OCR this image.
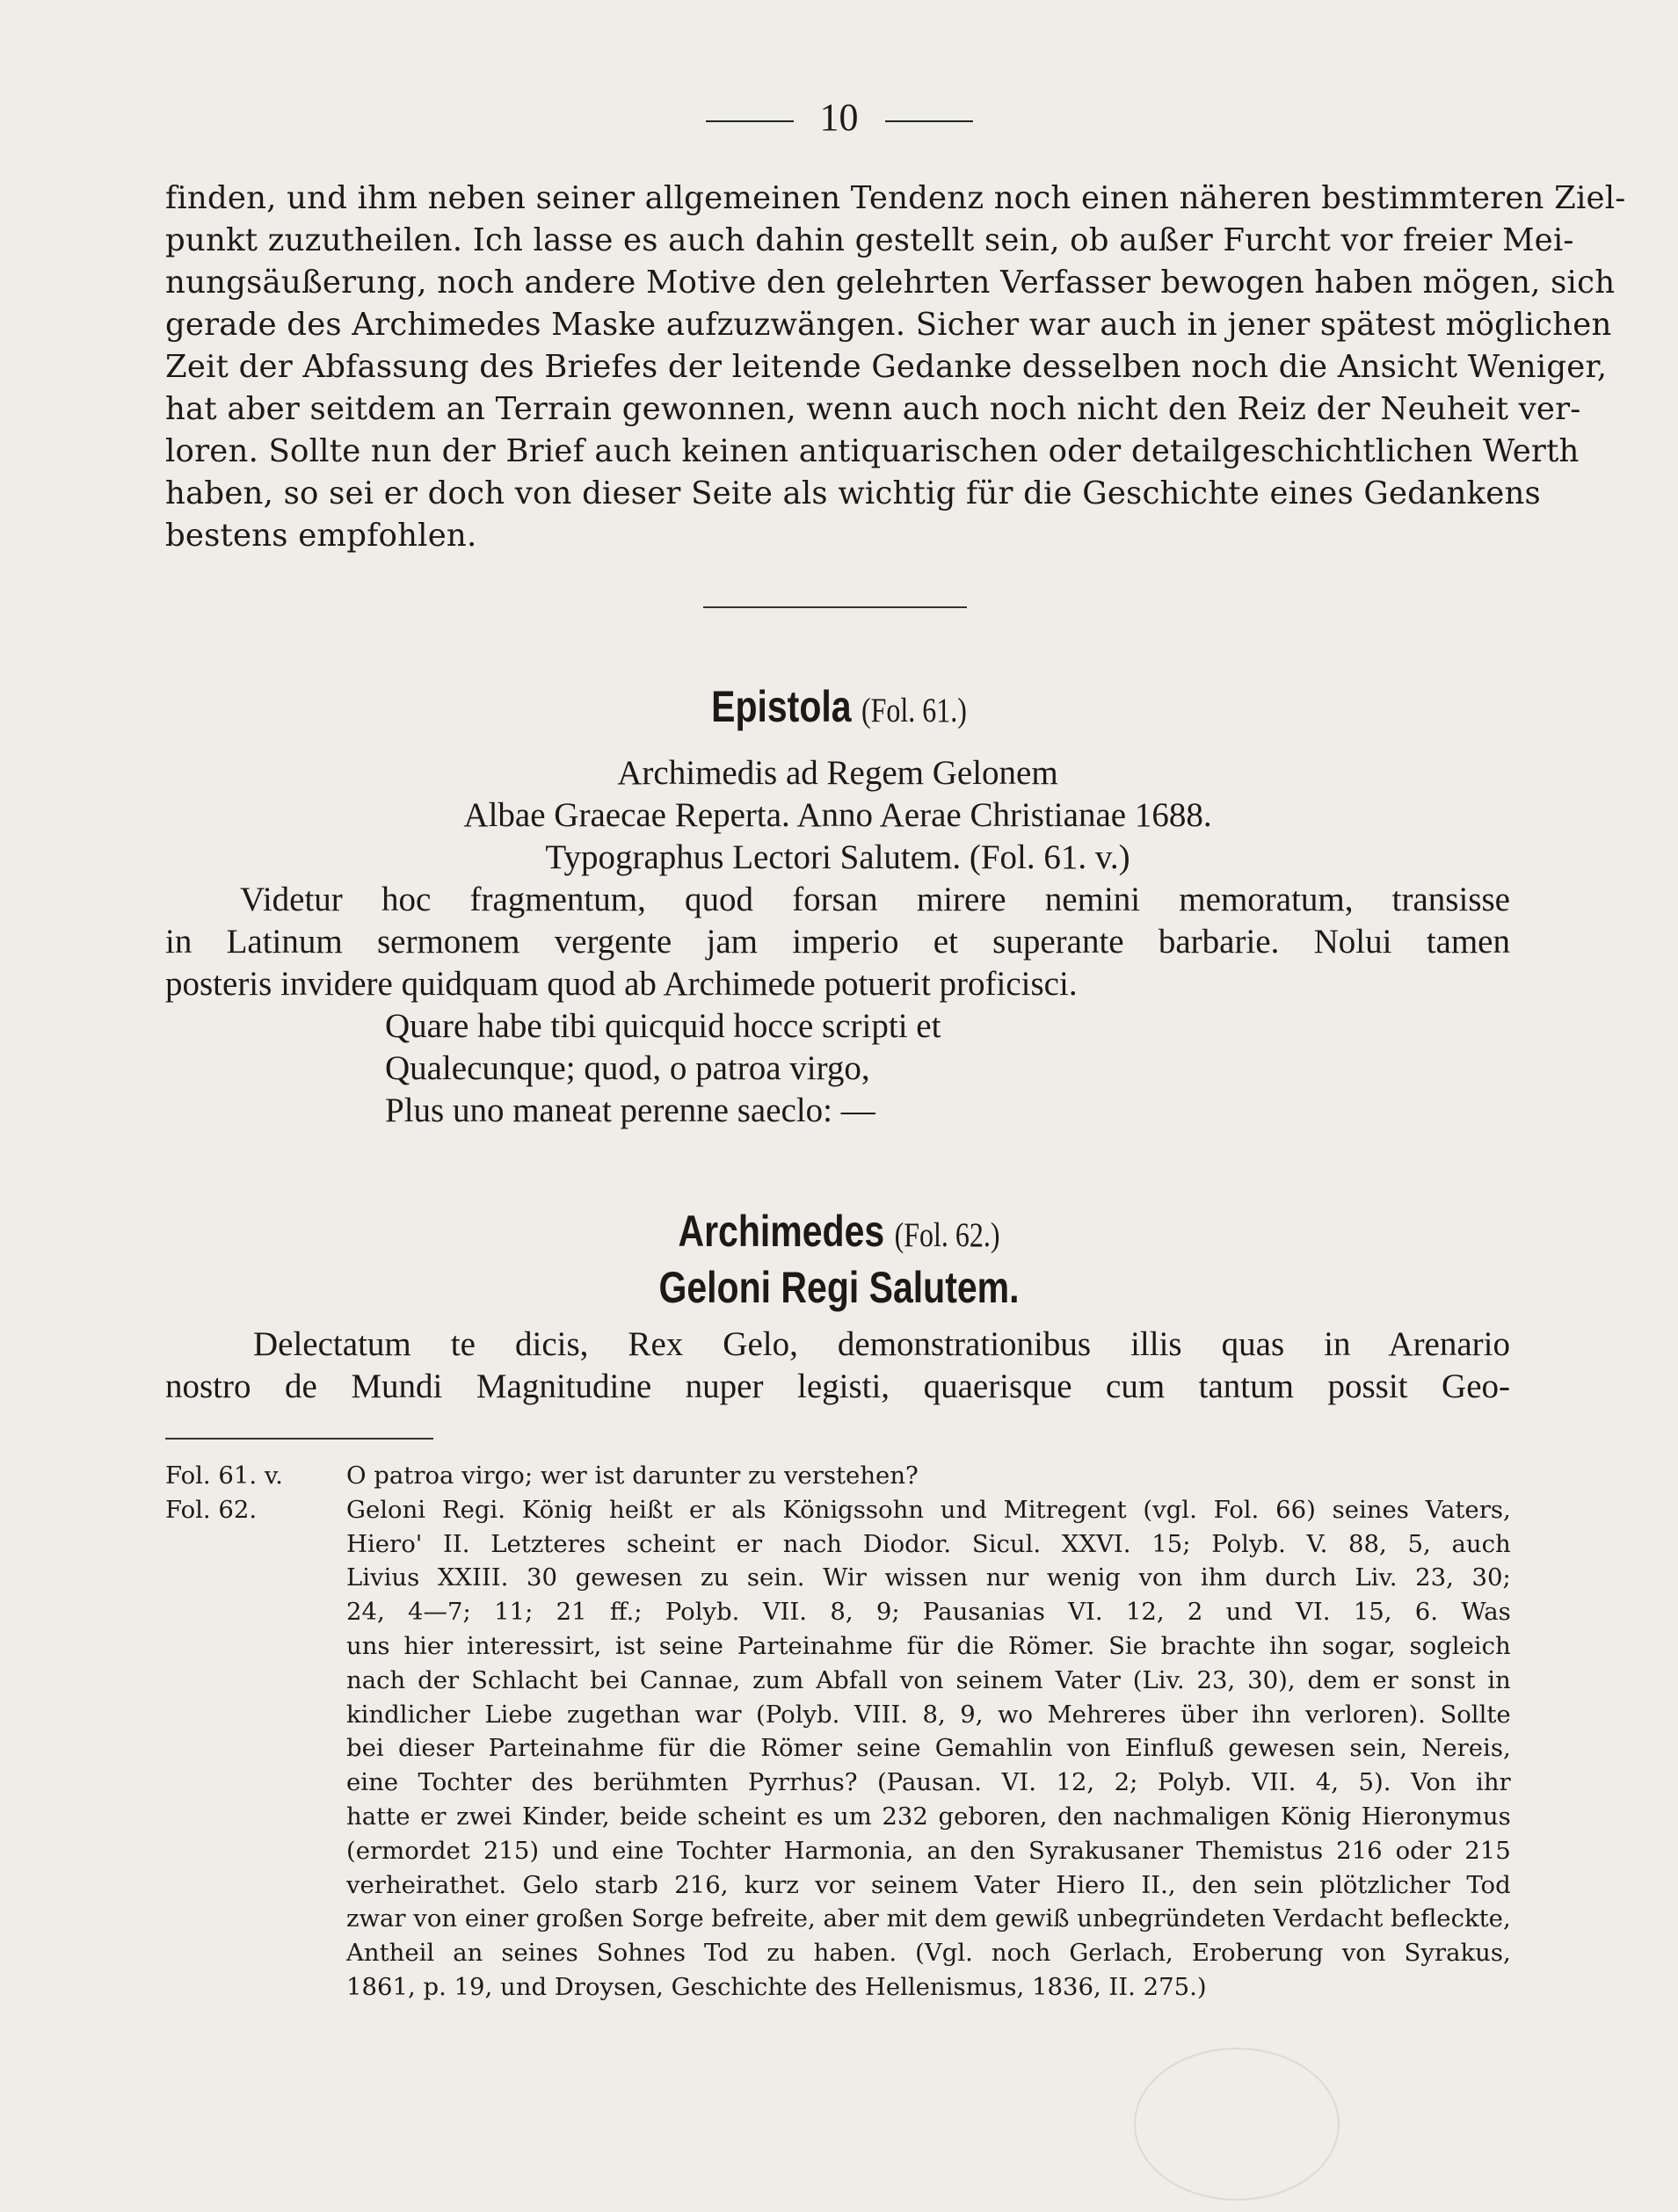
10
finden, und ihm neben seiner allgemeinen Tendenz noch einen näheren bestimmteren Ziel-
punkt zuzutheilen. Ich lasse es auch dahin gestellt sein, ob außer Furcht vor freier Mei-
nungsäußerung, noch andere Motive den gelehrten Verfasser bewogen haben mögen, sich
gerade des Archimedes Maske aufzuzwängen. Sicher war auch in jener spätest möglichen
Zeit der Abfassung des Briefes der leitende Gedanke desselben noch die Ansicht Weniger,
hat aber seitdem an Terrain gewonnen, wenn auch noch nicht den Reiz der Neuheit ver-
loren. Sollte nun der Brief auch keinen antiquarischen oder detailgeschichtlichen Werth
haben, so sei er doch von dieser Seite als wichtig für die Geschichte eines Gedankens
bestens empfohlen.
Epistola (Fol. 61.)
Archimedis ad Regem Gelonem
Albae Graecae Reperta. Anno Aerae Christianae 1688.
Typographus Lectori Salutem. (Fol. 61. v.)
Videtur hoc fragmentum, quod forsan mirere nemini memoratum, transisse
in Latinum sermonem vergente jam imperio et superante barbarie. Nolui tamen
posteris invidere quidquam quod ab Archimede potuerit proficisci.
Quare habe tibi quicquid hocce scripti et
Qualecunque; quod, o patroa virgo,
Plus uno maneat perenne saeclo: —
Archimedes (Fol. 62.)
Geloni Regi Salutem.
Delectatum te dicis, Rex Gelo, demonstrationibus illis quas in Arenario
nostro de Mundi Magnitudine nuper legisti, quaerisque cum tantum possit Geo-
Fol. 61. v.	O patroa virgo; wer ist darunter zu verstehen?
Fol. 62.	Geloni Regi. König heißt er als Königssohn und Mitregent (vgl. Fol. 66) seines Vaters,
Hiero' II. Letzteres scheint er nach Diodor. Sicul. XXVI. 15; Polyb. V. 88, 5, auch
Livius XXIII. 30 gewesen zu sein. Wir wissen nur wenig von ihm durch Liv. 23, 30;
24, 4—7; 11; 21 ff.; Polyb. VII. 8, 9; Pausanias VI. 12, 2 und VI. 15, 6. Was
uns hier interessirt, ist seine Parteinahme für die Römer. Sie brachte ihn sogar, sogleich
nach der Schlacht bei Cannae, zum Abfall von seinem Vater (Liv. 23, 30), dem er sonst in
kindlicher Liebe zugethan war (Polyb. VIII. 8, 9, wo Mehreres über ihn verloren). Sollte
bei dieser Parteinahme für die Römer seine Gemahlin von Einfluß gewesen sein, Nereis,
eine Tochter des berühmten Pyrrhus? (Pausan. VI. 12, 2; Polyb. VII. 4, 5). Von ihr
hatte er zwei Kinder, beide scheint es um 232 geboren, den nachmaligen König Hieronymus
(ermordet 215) und eine Tochter Harmonia, an den Syrakusaner Themistus 216 oder 215
verheirathet. Gelo starb 216, kurz vor seinem Vater Hiero II., den sein plötzlicher Tod
zwar von einer großen Sorge befreite, aber mit dem gewiß unbegründeten Verdacht befleckte,
Antheil an seines Sohnes Tod zu haben. (Vgl. noch Gerlach, Eroberung von Syrakus,
1861, p. 19, und Droysen, Geschichte des Hellenismus, 1836, II. 275.)
